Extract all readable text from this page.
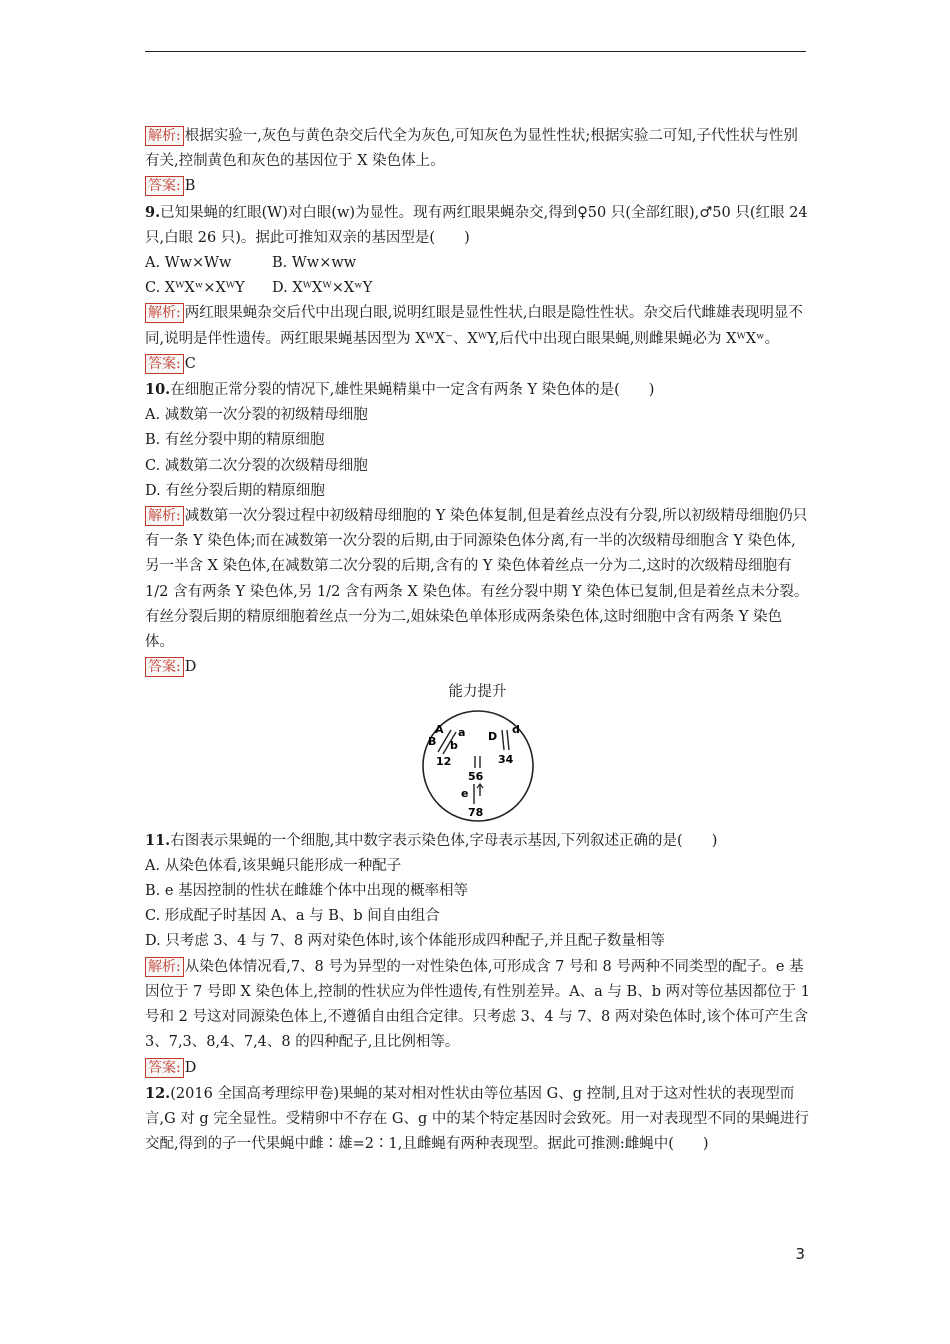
解析: 根据实验一,灰色与黄色杂交后代全为灰色,可知灰色为显性性状;根据实验二可知,子代性状与性别有关,控制黄色和灰色的基因位于 X 染色体上。

答案: B

9.已知果蝇的红眼(W)对白眼(w)为显性。现有两红眼果蝇杂交,得到♀50 只(全部红眼),♂50 只(红眼 24 只,白眼 26 只)。据此可推知双亲的基因型是(　　)

A. Ww×Ww	B. Ww×ww

C. XᵂXʷ×XᵂY D. XᵂXᵂ×XʷY

解析: 两红眼果蝇杂交后代中出现白眼,说明红眼是显性性状,白眼是隐性性状。杂交后代雌雄表现明显不同,说明是伴性遗传。两红眼果蝇基因型为 XᵂX⁻、XᵂY,后代中出现白眼果蝇,则雌果蝇必为 XᵂXʷ。

答案: C

10.在细胞正常分裂的情况下,雄性果蝇精巢中一定含有两条 Y 染色体的是(　　)

A. 减数第一次分裂的初级精母细胞

B. 有丝分裂中期的精原细胞

C. 减数第二次分裂的次级精母细胞

D. 有丝分裂后期的精原细胞

解析: 减数第一次分裂过程中初级精母细胞的 Y 染色体复制,但是着丝点没有分裂,所以初级精母细胞仍只有一条 Y 染色体;而在减数第一次分裂的后期,由于同源染色体分离,有一半的次级精母细胞含 Y 染色体,另一半含 X 染色体,在减数第二次分裂的后期,含有的 Y 染色体着丝点一分为二,这时的次级精母细胞有 1/2 含有两条 Y 染色体,另 1/2 含有两条 X 染色体。有丝分裂中期 Y 染色体已复制,但是着丝点未分裂。有丝分裂后期的精原细胞着丝点一分为二,姐妹染色单体形成两条染色体,这时细胞中含有两条 Y 染色体。

答案: D

能力提升

A a
B b
12
D
d
34
56
e
78

11.右图表示果蝇的一个细胞,其中数字表示染色体,字母表示基因,下列叙述正确的是(　　)

A. 从染色体看,该果蝇只能形成一种配子

B. e 基因控制的性状在雌雄个体中出现的概率相等

C. 形成配子时基因 A、a 与 B、b 间自由组合

D. 只考虑 3、4 与 7、8 两对染色体时,该个体能形成四种配子,并且配子数量相等

解析: 从染色体情况看,7、8 号为异型的一对性染色体,可形成含 7 号和 8 号两种不同类型的配子。e 基因位于 7 号即 X 染色体上,控制的性状应为伴性遗传,有性别差异。A、a 与 B、b 两对等位基因都位于 1 号和 2 号这对同源染色体上,不遵循自由组合定律。只考虑 3、4 与 7、8 两对染色体时,该个体可产生含 3、7,3、8,4、7,4、8 的四种配子,且比例相等。

答案: D

12.(2016 全国高考理综甲卷)果蝇的某对相对性状由等位基因 G、g 控制,且对于这对性状的表现型而言,G 对 g 完全显性。受精卵中不存在 G、g 中的某个特定基因时会致死。用一对表现型不同的果蝇进行交配,得到的子一代果蝇中雌∶雄=2∶1,且雌蝇有两种表现型。据此可推测:雌蝇中(　　)

3
